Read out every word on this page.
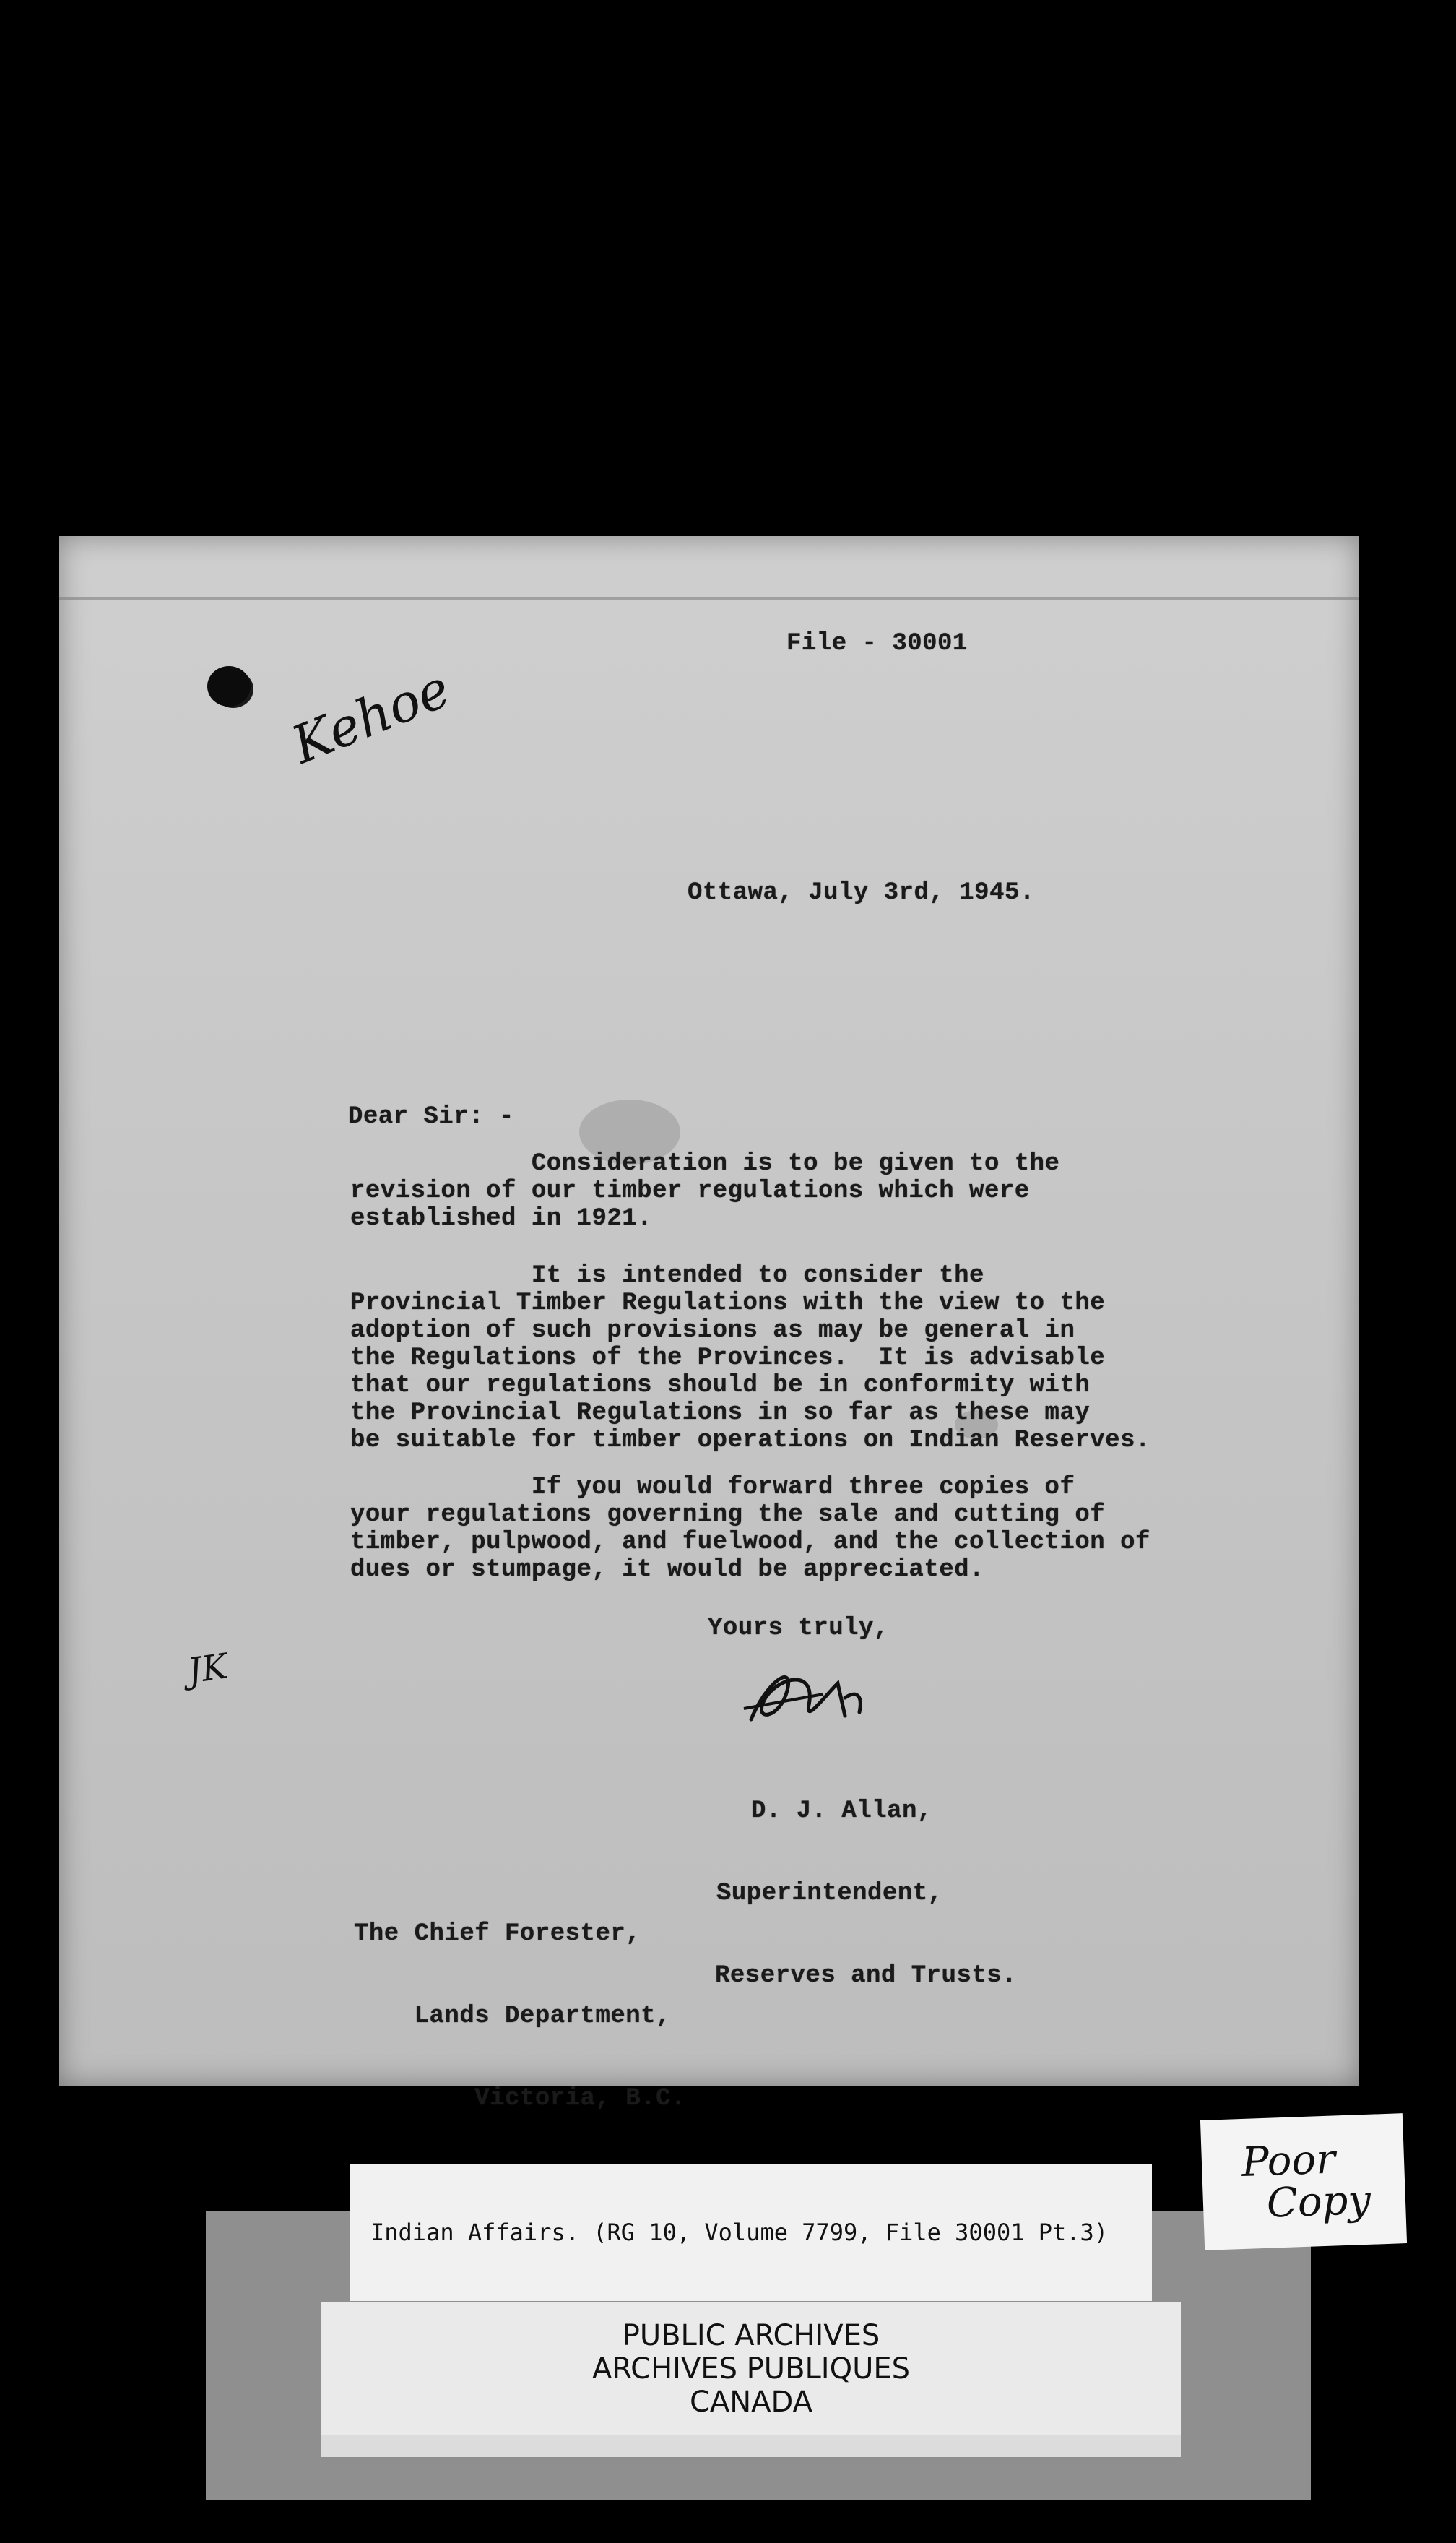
Kehoe
File - 30001
Ottawa, July 3rd, 1945.
Dear Sir: -

Consideration is to be given to the

revision of our timber regulations which were

established in 1921.

It is intended to consider the

Provincial Timber Regulations with the view to the

adoption of such provisions as may be general in

the Regulations of the Provinces.  It is advisable

that our regulations should be in conformity with

the Provincial Regulations in so far as these may

be suitable for timber operations on Indian Reserves.

If you would forward three copies of

your regulations governing the sale and cutting of

timber, pulpwood, and fuelwood, and the collection of

dues or stumpage, it would be appreciated.

Yours truly,

D. J. Allan,

Superintendent,

Reserves and Trusts.

JK

The Chief Forester,

Lands Department,

Victoria, B.C.

Indian Affairs. (RG 10, Volume 7799, File 30001 Pt.3)
PUBLIC ARCHIVES
ARCHIVES PUBLIQUES
CANADA
Poor
Copy
